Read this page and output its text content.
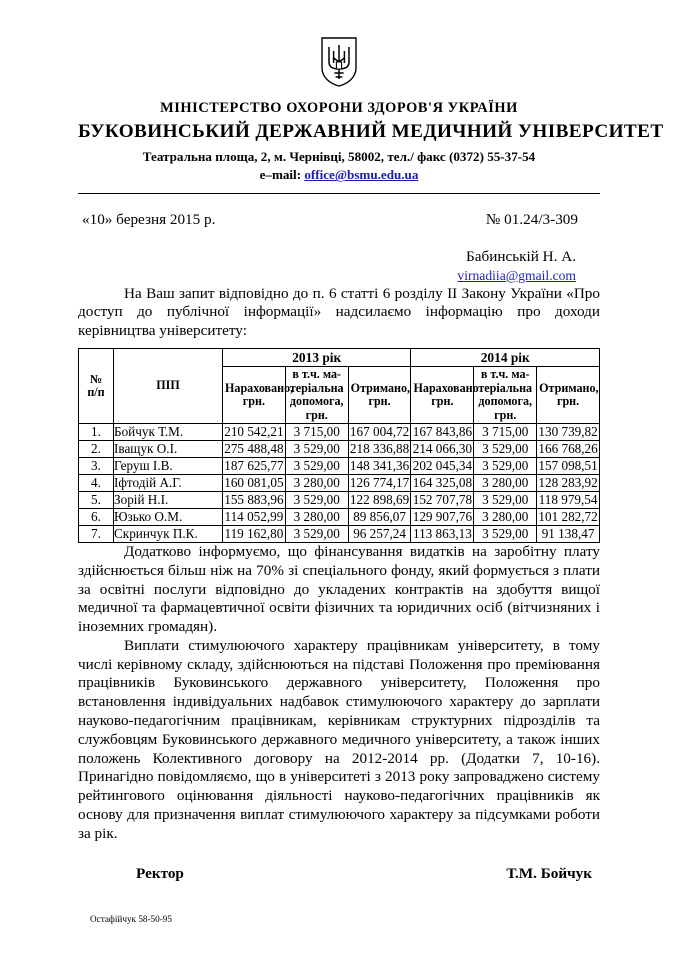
МІНІСТЕРСТВО ОХОРОНИ ЗДОРОВ'Я УКРАЇНИ
БУКОВИНСЬКИЙ ДЕРЖАВНИЙ МЕДИЧНИЙ УНІВЕРСИТЕТ
Театральна площа, 2, м. Чернівці, 58002, тел./ факс (0372) 55-37-54
e–mail: office@bsmu.edu.ua
«10» березня 2015 р.	№ 01.24/3-309
Бабинській Н. А.
virnadiia@gmail.com

На Ваш запит відповідно до п. 6 статті 6 розділу ІІ Закону України «Про доступ до публічної інформації» надсилаємо інформацію про доходи керівництва університету:

№
п/п	ПІП	2013 рік			2014 рік		
		Нараховано, грн.	в т.ч. ма-теріальна допомога, грн.	Отримано, грн.	Нараховано грн.	в т.ч. ма-теріальна допомога, грн.	Отримано, грн.
1.	Бойчук Т.М.	210 542,21	3 715,00	167 004,72	167 843,86	3 715,00	130 739,82
2.	Іващук О.І.	275 488,48	3 529,00	218 336,88	214 066,30	3 529,00	166 768,26
3.	Геруш І.В.	187 625,77	3 529,00	148 341,36	202 045,34	3 529,00	157 098,51
4.	Іфтодій А.Г.	160 081,05	3 280,00	126 774,17	164 325,08	3 280,00	128 283,92
5.	Зорій Н.І.	155 883,96	3 529,00	122 898,69	152 707,78	3 529,00	118 979,54
6.	Юзько О.М.	114 052,99	3 280,00	89 856,07	129 907,76	3 280,00	101 282,72
7.	Скринчук П.К.	119 162,80	3 529,00	96 257,24	113 863,13	3 529,00	91 138,47

Додатково інформуємо, що фінансування видатків на заробітну плату здійснюється більш ніж на 70% зі спеціального фонду, який формується з плати за освітні послуги відповідно до укладених контрактів на здобуття вищої медичної та фармацевтичної освіти фізичних та юридичних осіб (вітчизняних і іноземних громадян).

Виплати стимулюючого характеру працівникам університету, в тому числі керівному складу, здійснюються на підставі Положення про преміювання працівників Буковинського державного університету, Положення про встановлення індивідуальних надбавок стимулюючого характеру до зарплати науково-педагогічним працівникам, керівникам структурних підрозділів та службовцям Буковинського державного медичного університету, а також інших положень Колективного договору на 2012-2014 рр. (Додатки 7, 10-16). Принагідно повідомляємо, що в університеті з 2013 року запроваджено систему рейтингового оцінювання діяльності науково-педагогічних працівників як основу для призначення виплат стимулюючого характеру за підсумками роботи за рік.

Ректор	Т.М. Бойчук
Остафійчук 58-50-95
